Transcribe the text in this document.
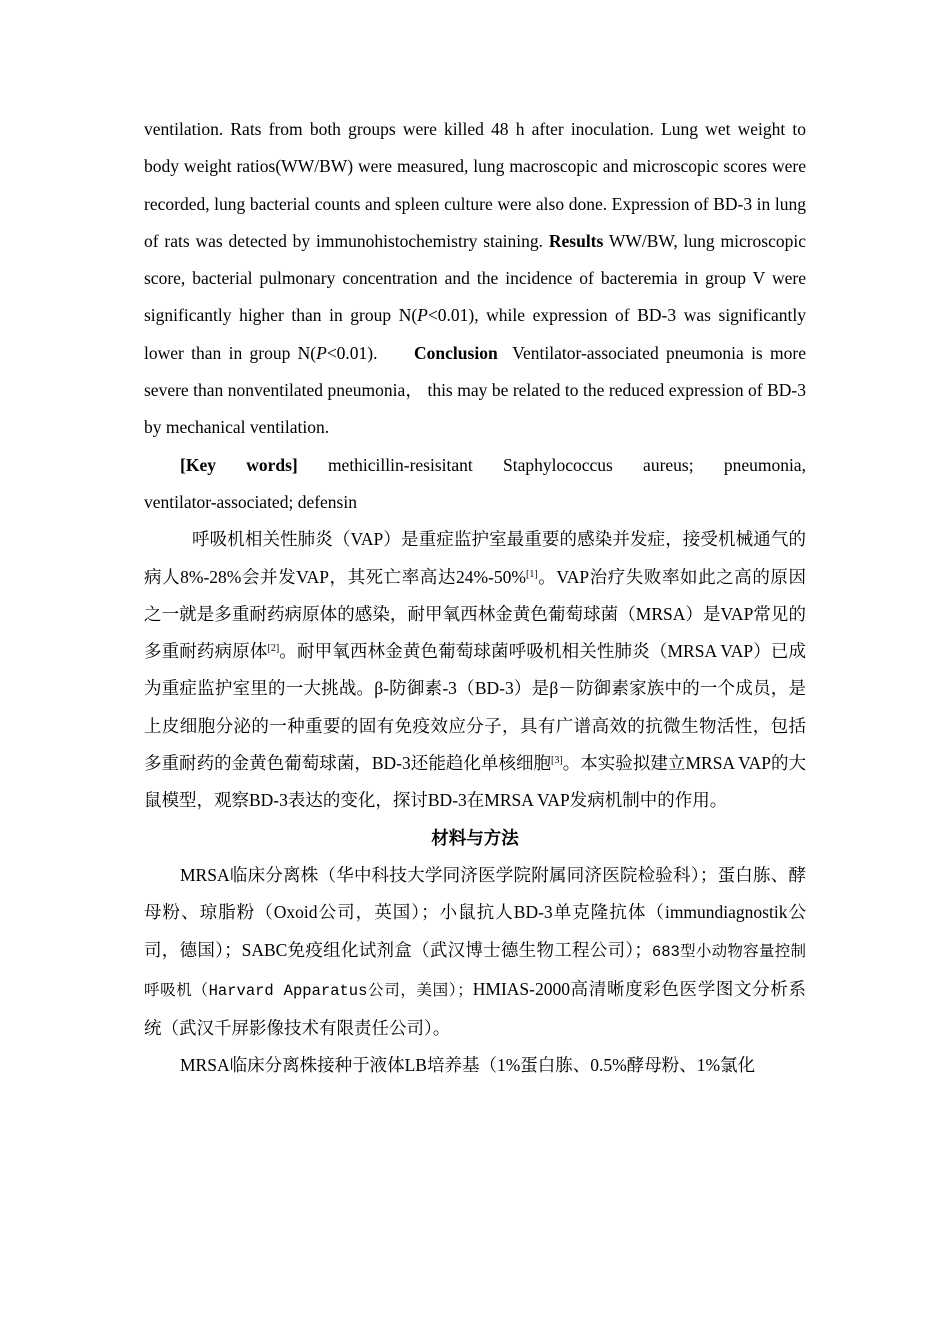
ventilation. Rats from both groups were killed 48 h after inoculation. Lung wet weight to body weight ratios(WW/BW) were measured, lung macroscopic and microscopic scores were recorded, lung bacterial counts and spleen culture were also done. Expression of BD-3 in lung of rats was detected by immunohistochemistry staining. Results WW/BW, lung microscopic score, bacterial pulmonary concentration and the incidence of bacteremia in group V were significantly higher than in group N(P<0.01), while expression of BD-3 was significantly lower than in group N(P<0.01). Conclusion Ventilator-associated pneumonia is more severe than nonventilated pneumonia， this may be related to the reduced expression of BD-3 by mechanical ventilation.

[Key words] methicillin-resisitant Staphylococcus aureus; pneumonia,
ventilator-associated; defensin

呼吸机相关性肺炎（VAP）是重症监护室最重要的感染并发症，接受机械通气的病人8%-28%会并发VAP，其死亡率高达24%-50%[1]。VAP治疗失败率如此之高的原因之一就是多重耐药病原体的感染，耐甲氧西林金黄色葡萄球菌（MRSA）是VAP常见的多重耐药病原体[2]。耐甲氧西林金黄色葡萄球菌呼吸机相关性肺炎（MRSA VAP）已成为重症监护室里的一大挑战。β-防御素-3（BD-3）是β－防御素家族中的一个成员，是上皮细胞分泌的一种重要的固有免疫效应分子，具有广谱高效的抗微生物活性，包括多重耐药的金黄色葡萄球菌，BD-3还能趋化单核细胞[3]。本实验拟建立MRSA VAP的大鼠模型，观察BD-3表达的变化，探讨BD-3在MRSA VAP发病机制中的作用。

材料与方法

MRSA临床分离株（华中科技大学同济医学院附属同济医院检验科）；蛋白胨、酵母粉、琼脂粉（Oxoid公司，英国）；小鼠抗人BD-3单克隆抗体（immundiagnostik公司，德国）；SABC免疫组化试剂盒（武汉博士德生物工程公司）；683型小动物容量控制呼吸机（Harvard Apparatus公司，美国）；HMIAS-2000高清晰度彩色医学图文分析系统（武汉千屏影像技术有限责任公司）。

MRSA临床分离株接种于液体LB培养基（1%蛋白胨、0.5%酵母粉、1%氯化
